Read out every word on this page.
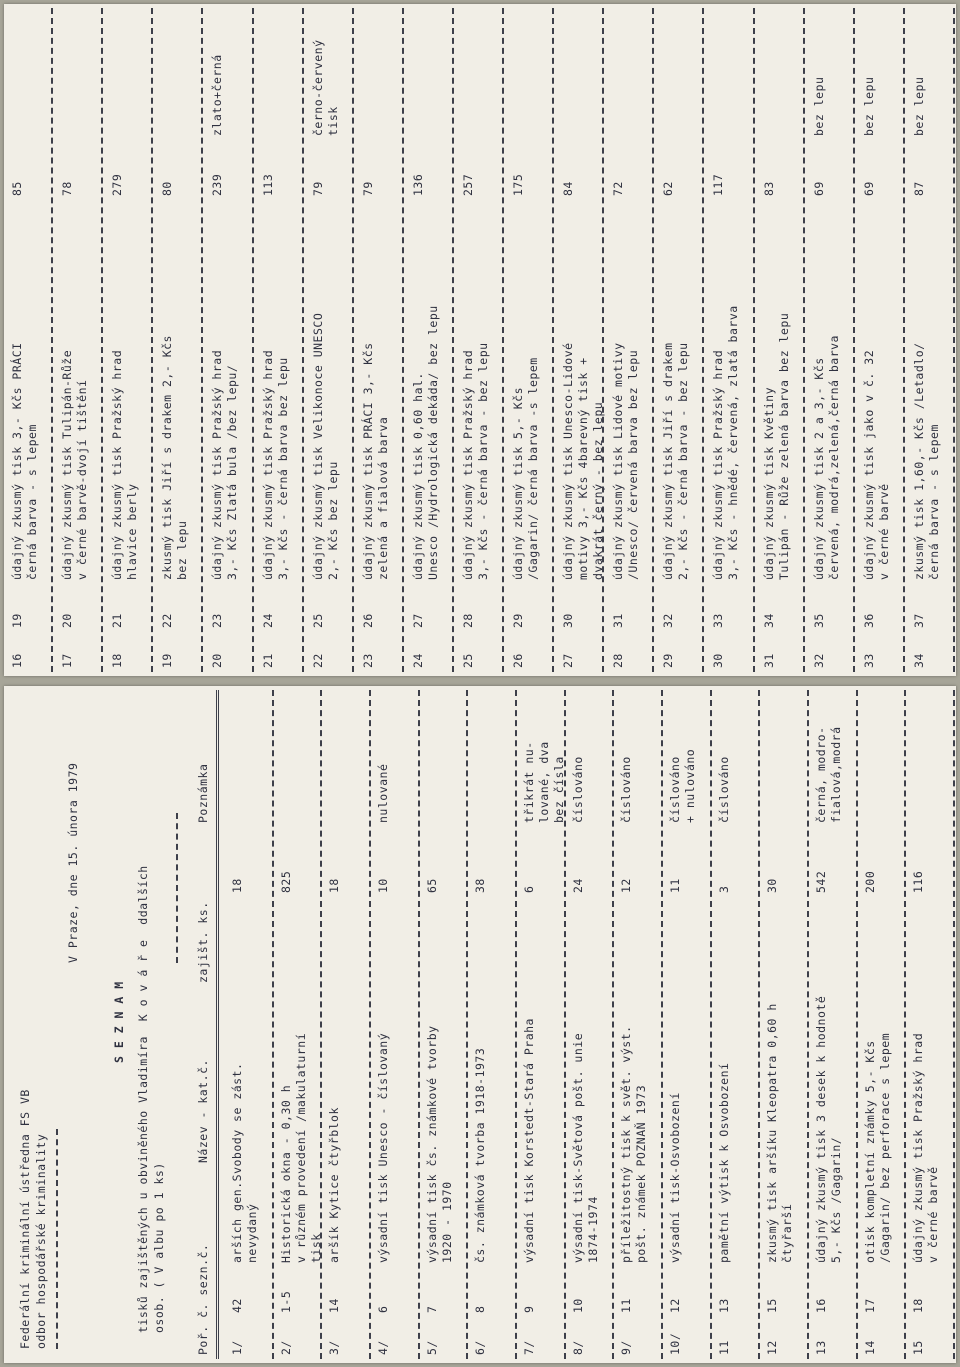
16
19
údajný zkusmý tisk 3,- Kčs PRÁCI
černá barva - s lepem
85
17
20
údajný zkusmý tisk Tulipán-Růže
v černé barvě-dvojí tištění
78
18
21
údajný zkusmý tisk Pražský hrad
hlavice berly
279
19
22
zkusmý tisk Jiří s drakem 2,- Kčs
bez lepu
80
20
23
údajný zkusmý tisk Pražský hrad
3,- Kčs Zlatá bula /bez lepu/
239
zlato+černá
21
24
údajný zkusmý tisk Pražský hrad
3,- Kčs - černá barva bez lepu
113
22
25
údajný zkusmý tisk Velikonoce UNESCO
2,- Kčs bez lepu
79
černo-červený
tisk
23
26
údajný zkusmý tisk PRÁCI 3,- Kčs
zelená a fialová barva
79
24
27
údajný zkusmý tisk 0,60 hal.
Unesco /Hydrologická dekáda/ bez lepu
136
25
28
údajný zkusmý tisk Pražský hrad
3,- Kčs - černá barva - bez lepu
257
26
29
údajný zkusmý tisk 5,- Kčs
/Gagarin/ černá barva -s lepem
175
27
30
údajný zkusmý tisk Unesco-Lidové
motivy 3,- Kčs 4barevný tisk +
dvakrát černý - bez lepu
84
28
31
údajný zkusmý tisk Lidové motivy
/Unesco/ červená barva bez lepu
72
29
32
údajný zkusmý tisk Jiří s drakem
2,- Kčs - černá barva - bez lepu
62
30
33
údajný zkusmý tisk Pražský hrad
3,- Kčs - hnědé, červená, zlatá barva
117
31
34
údajný zkusmý tisk Květiny
Tulipán - Růže zelená barva bez lepu
83
32
35
údajný zkusmý tisk 2 a 3,- Kčs
červená, modrá,zelená,černá barva
69
bez lepu
33
36
údajný zkusmý tisk jako v č. 32
v černé barvě
69
bez lepu
34
37
zkusmý tisk 1,60,- Kčs /Letadlo/
černá barva - s lepem
87
bez lepu
Federální kriminální ústředna FS VB odbor hospodářské kriminality
V Praze, dne 15. února 1979
S E Z N A M tisků zajištěných u obviněného Vladimíra  K o v á ř e  ddalších osob. ( V albu po 1 ks)	Poř. č. sezn.č.
Název - kat.č.
zajišt. ks.
Poznámka
1/
42
arších gen.Svobody se zást.
nevydaný
18
2/
1-5
Historická okna - 0,30 h
v různém provedení /makulaturní
tisk
825
3/
14
aršík Kytice čtyřblok
18
4/
6
výsadní tisk Unesco - číslovaný
10
nulované
5/
7
výsadní tisk čs. známkové tvorby
1920 - 1970
65
6/
8
čs. známková tvorba 1918-1973
38
7/
9
výsadní tisk Korstedt-Stará Praha
6
třikrát nu-
lované, dva
bez čísla
8/
10
výsadní tisk-Světová pošt. unie
1874-1974
24
číslováno
9/
11
příležitostný tisk k svět. výst.
pošt. známek POZNAŇ 1973
12
číslováno
10/
12
výsadní tisk-Osvobození
11
číslováno
+ nulováno
11
13
pamětní výtisk k Osvobození
3
číslováno
12
15
zkusmý tisk aršíku Kleopatra 0,60 h
čtyřarší
30
13
16
údajný zkusmý tisk 3 desek k hodnotě
5,- Kčs /Gagarin/
542
černá, modro-
fialová,modrá
14
17
otisk kompletní známky 5,- Kčs
/Gagarin/ bez perforace s lepem
200
15
18
údajný zkusmý tisk Pražský hrad
v černé barvě
116
